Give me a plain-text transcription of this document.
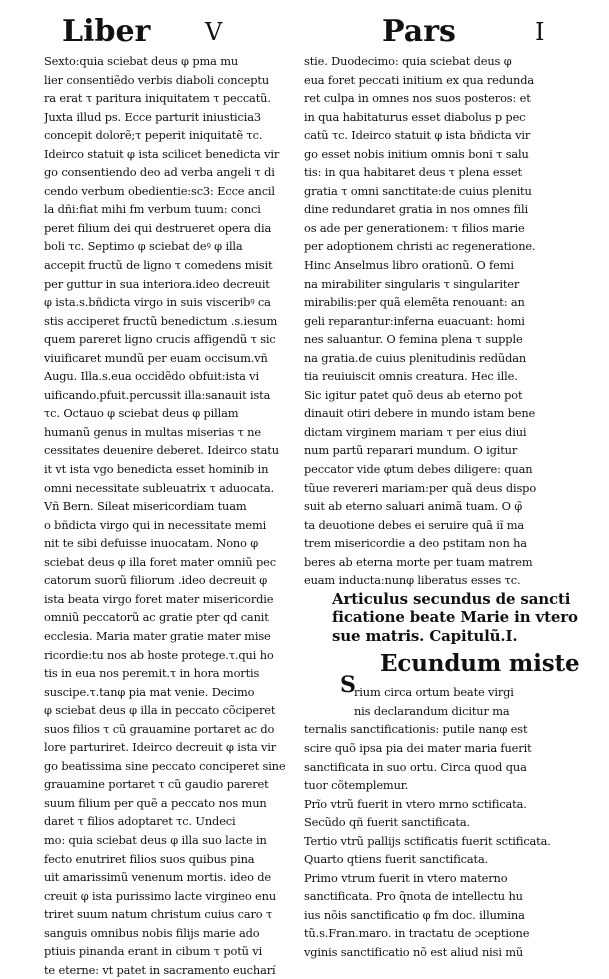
Liber V	Pars	I
Sexto:quia sciebat deus φ pma mu
lier consentiẽdo verbis diaboli conceptu
ra erat τ paritura iniquitatem τ peccatũ.
Juxta illud ps. Ecce parturit iniusticia3
concepit dolorẽ;τ peperit iniquitatẽ τc.
Ideirco statuit φ ista scilicet benedicta vir
go consentiendo deo ad verba angeli τ di
cendo verbum obedientie:sc3: Ecce ancil
la dñi:fiat mihi fm verbum tuum: conci
peret filium dei qui destrueret opera dia
boli τc. Septimo φ sciebat deꝰ φ illa
accepit fructũ de ligno τ comedens misit
per guttur in sua interiora.ideo decreuit
φ ista.s.bñdicta virgo in suis visceribꝰ ca
stis acciperet fructũ benedictum .s.iesum
quem pareret ligno crucis affigendũ τ sic
viuificaret mundũ per euam occisum.vñ
Augu. Illa.s.eua occidẽdo obfuit:ista vi
uificando.pfuit.percussit illa:sanauit ista
τc. Octauo φ sciebat deus φ pillam
humanũ genus in multas miserias τ ne
cessitates deuenire deberet. Ideirco statu
it vt ista vgo benedicta esset hominib in
omni necessitate subleuatrix τ aduocata.
Vñ Bern. Sileat misericordiam tuam
o bñdicta virgo qui in necessitate memi
nit te sibi defuisse inuocatam. Nono φ
sciebat deus φ illa foret mater omniũ pec
catorum suorũ filiorum .ideo decreuit φ
ista beata virgo foret mater misericordie
omniũ peccatorũ ac gratie pter qd canit
ecclesia. Maria mater gratie mater mise
ricordie:tu nos ab hoste protege.τ.qui ho
tis in eua nos peremit.τ in hora mortis
suscipe.τ.tanφ pia mat venie. Decimo
φ sciebat deus φ illa in peccato cõciperet
suos filios τ cũ grauamine portaret ac do
lore parturiret. Ideirco decreuit φ ista vir
go beatissima sine peccato conciperet sine
grauamine portaret τ cũ gaudio pareret
suum filium per quẽ a peccato nos mun
daret τ filios adoptaret τc. Undeci
mo: quia sciebat deus φ illa suo lacte in
fecto enutriret filios suos quibus pina
uit amarissimũ venenum mortis. ideo de
creuit φ ista purissimo lacte virgineo enu
triret suum natum christum cuius caro τ
sanguis omnibus nobis filijs marie ado
ptiuis pinanda erant in cibum τ potũ vi
te eterne: vt patet in sacramento eucharí
stie. Duodecimo: quia sciebat deus φ
eua foret peccati initium ex qua redunda
ret culpa in omnes nos suos posteros: et
in qua habitaturus esset diabolus p pec
catũ τc. Ideirco statuit φ ista bñdicta vir
go esset nobis initium omnis boni τ salu
tis: in qua habitaret deus τ plena esset
gratia τ omni sanctitate:de cuius plenitu
dine redundaret gratia in nos omnes fili
os ade per generationem: τ filios marie
per adoptionem christi ac regeneratione.
Hinc Anselmus libro orationũ. O femi
na mirabiliter singularis τ singulariter
mirabilis:per quã elemẽta renouant: an
geli reparantur:inferna euacuant: homi
nes saluantur. O femina plena τ supple
na gratia.de cuius plenitudinis redũdan
tia reuiuiscit omnis creatura. Hec ille.
Sic igitur patet quõ deus ab eterno pot
dinauit otiri debere in mundo istam bene
dictam virginem mariam τ per eius diui
num partũ reparari mundum. O igitur
peccator vide φtum debes diligere: quan
tũue revereri mariam:per quã deus dispo
suit ab eterno saluari animã tuam. O φ̃
ta deuotione debes ei seruire quã iĩ ma
trem misericordie a deo pstitam non ha
beres ab eterna morte per tuam matrem
euam inducta:nunφ liberatus esses τc.
Articulus secundus de sancti
ficatione beate Marie in vtero
sue matris. Capitulũ.I.
Ecundum miste
S
rium circa ortum beate virgi
nis declarandum dicitur ma
ternalis sanctificationis: putile nanφ est
scire quõ ipsa pia dei mater maria fuerit
sanctificata in suo ortu. Circa quod qua
tuor cõtemplemur.
Prĩo vtrũ fuerit in vtero mrno sctificata.
Secũdo qñ fuerit sanctificata.
Tertio vtrũ pallijs sctificatis fuerit sctificata.
Quarto qtiens fuerit sanctificata.
Primo vtrum fuerit in vtero materno
sanctificata. Pro q̃nota de intellectu hu
ius nõis sanctificatio φ fm doc. illumina
tũ.s.Fran.maro. in tractatu de ɔceptione
vginis sanctificatio nõ est aliud nisi mũ
